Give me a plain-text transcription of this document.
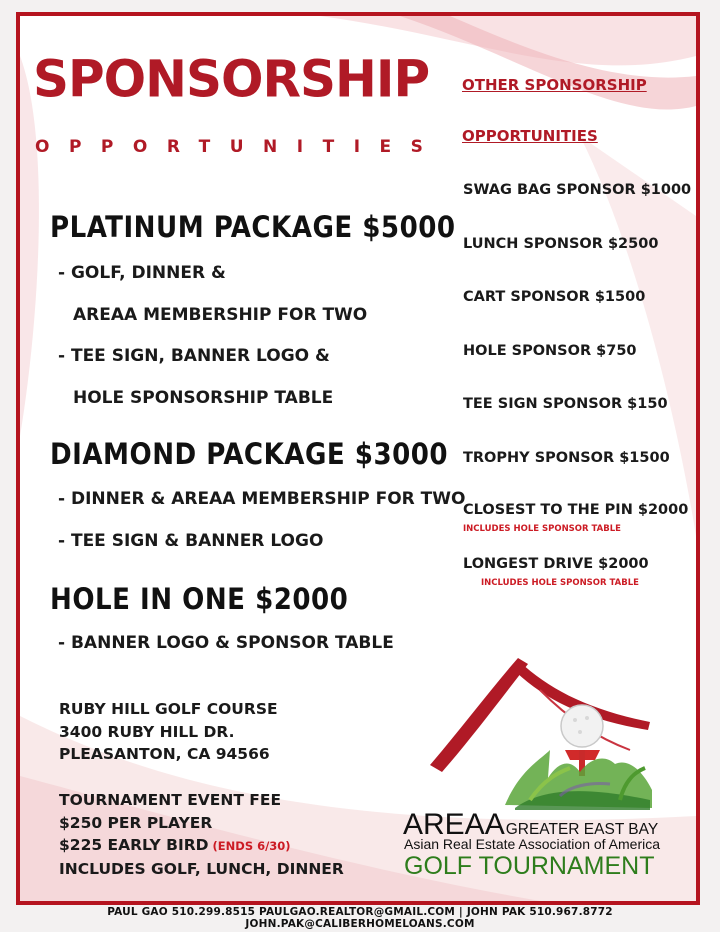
SPONSORSHIP
OPPORTUNITIES
PLATINUM PACKAGE $5000
- GOLF, DINNER &
AREAA MEMBERSHIP FOR TWO
- TEE SIGN, BANNER LOGO &
HOLE SPONSORSHIP TABLE
DIAMOND PACKAGE $3000
- DINNER & AREAA MEMBERSHIP FOR TWO
- TEE SIGN & BANNER LOGO
HOLE IN ONE $2000
- BANNER LOGO & SPONSOR TABLE
RUBY HILL GOLF COURSE
3400 RUBY HILL DR.
PLEASANTON, CA 94566
TOURNAMENT EVENT FEE
$250 PER PLAYER
$225 EARLY BIRD (ENDS 6/30)
INCLUDES GOLF, LUNCH, DINNER
OTHER SPONSORSHIP
OPPORTUNITIES
SWAG BAG SPONSOR $1000
LUNCH SPONSOR $2500
CART SPONSOR $1500
HOLE SPONSOR $750
TEE SIGN SPONSOR $150
TROPHY SPONSOR $1500
CLOSEST TO THE PIN $2000
INCLUDES HOLE SPONSOR TABLE
LONGEST DRIVE $2000
INCLUDES HOLE SPONSOR TABLE
AREAAGREATER EAST BAY
Asian Real Estate Association of America
GOLF TOURNAMENT
PAUL GAO 510.299.8515 PAULGAO.REALTOR@GMAIL.COM | JOHN PAK 510.967.8772 JOHN.PAK@CALIBERHOMELOANS.COM
